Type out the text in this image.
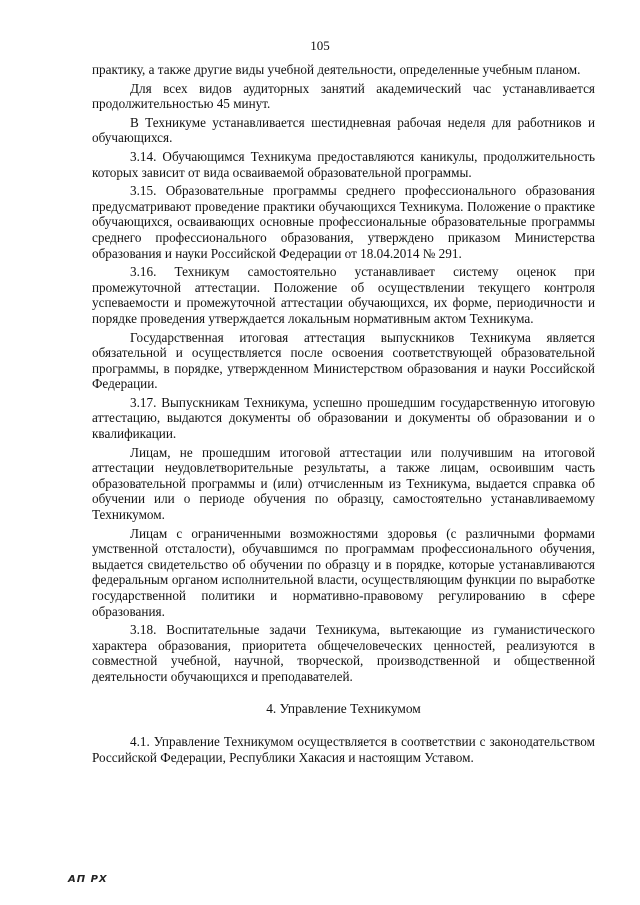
105

практику, а также другие виды учебной деятельности, определенные учебным планом.

Для всех видов аудиторных занятий академический час устанавливается продолжительностью 45 минут.

В Техникуме устанавливается шестидневная рабочая неделя для работников и обучающихся.

3.14. Обучающимся Техникума предоставляются каникулы, продолжительность которых зависит от вида осваиваемой образовательной программы.

3.15. Образовательные программы среднего профессионального образования предусматривают проведение практики обучающихся Техникума. Положение о практике обучающихся, осваивающих основные профессиональные образовательные программы среднего профессионального образования, утверждено приказом Министерства образования и науки Российской Федерации от 18.04.2014 № 291.

3.16. Техникум самостоятельно устанавливает систему оценок при промежуточной аттестации. Положение об осуществлении текущего контроля успеваемости и промежуточной аттестации обучающихся, их форме, периодичности и порядке проведения утверждается локальным нормативным актом Техникума.

Государственная итоговая аттестация выпускников Техникума является обязательной и осуществляется после освоения соответствующей образовательной программы, в порядке, утвержденном Министерством образования и науки Российской Федерации.

3.17. Выпускникам Техникума, успешно прошедшим государственную итоговую аттестацию, выдаются документы об образовании и документы об образовании и о квалификации.

Лицам, не прошедшим итоговой аттестации или получившим на итоговой аттестации неудовлетворительные результаты, а также лицам, освоившим часть образовательной программы и (или) отчисленным из Техникума, выдается справка об обучении или о периоде обучения по образцу, самостоятельно устанавливаемому Техникумом.

Лицам с ограниченными возможностями здоровья (с различными формами умственной отсталости), обучавшимся по программам профессионального обучения, выдается свидетельство об обучении по образцу и в порядке, которые устанавливаются федеральным органом исполнительной власти, осуществляющим функции по выработке государственной политики и нормативно-правовому регулированию в сфере образования.

3.18. Воспитательные задачи Техникума, вытекающие из гуманистического характера образования, приоритета общечеловеческих ценностей, реализуются в совместной учебной, научной, творческой, производственной и общественной деятельности обучающихся и преподавателей.

4. Управление Техникумом

4.1. Управление Техникумом осуществляется в соответствии с законодательством Российской Федерации, Республики Хакасия и настоящим Уставом.

АП РХ
